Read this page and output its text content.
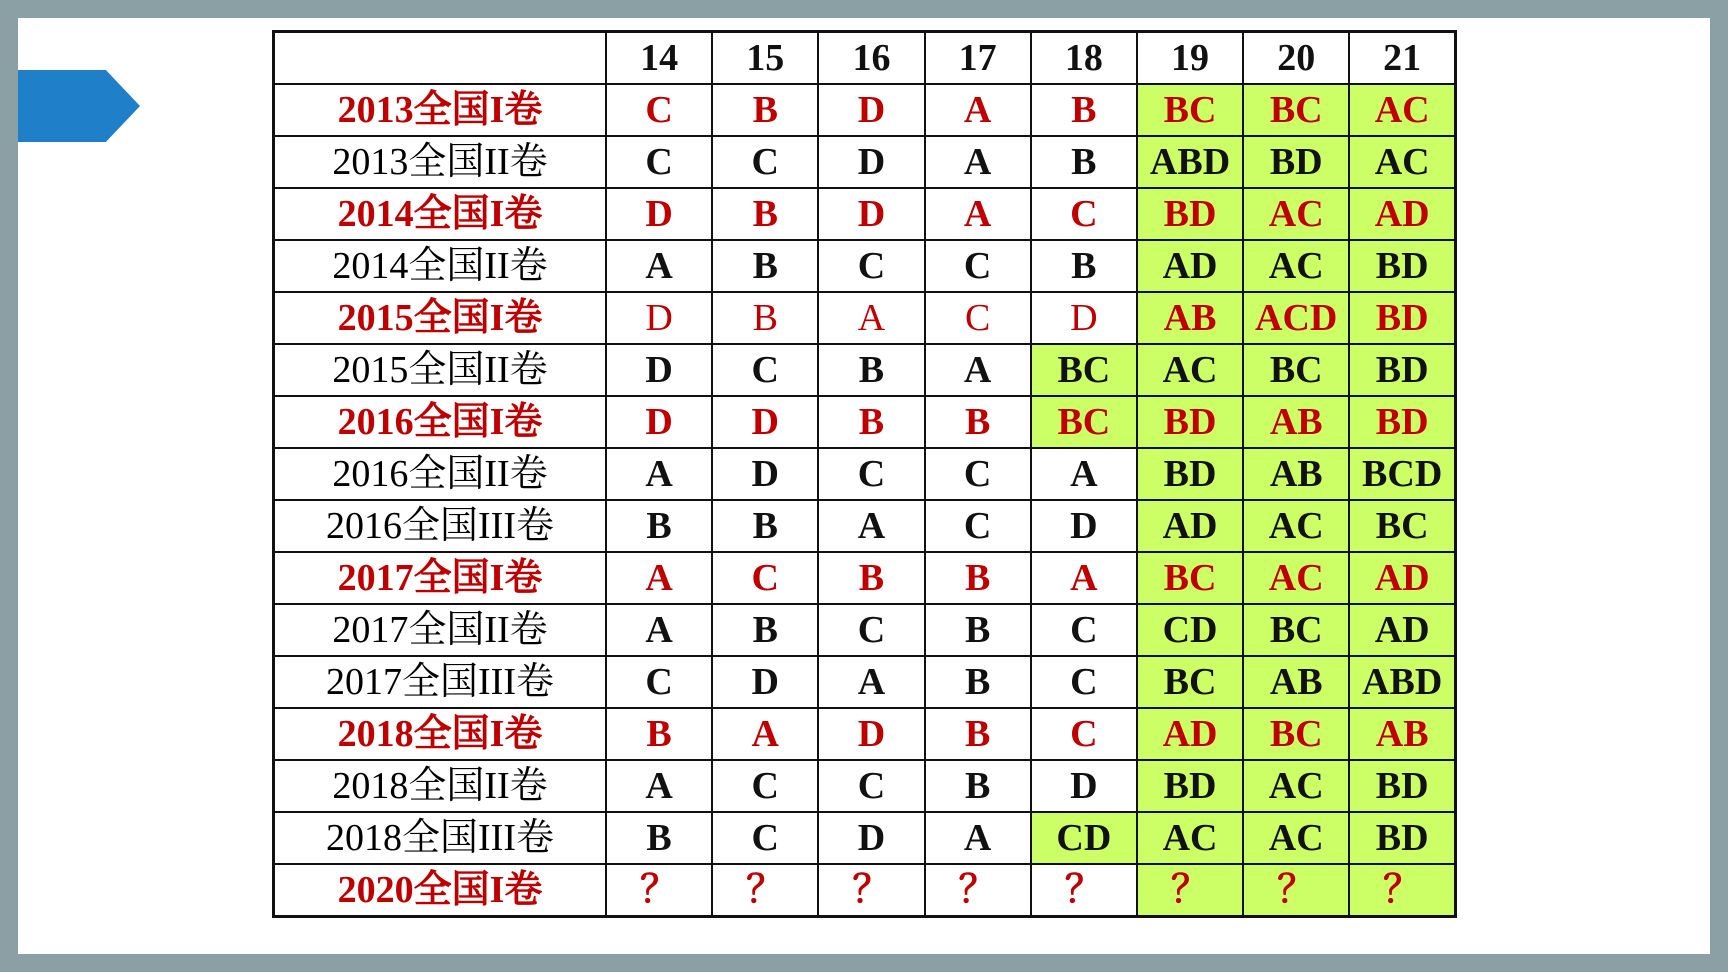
	14	15	16	17	18	19	20	21
2013全国I卷	C	B	D	A	B	BC	BC	AC
2013全国II卷	C	C	D	A	B	ABD	BD	AC
2014全国I卷	D	B	D	A	C	BD	AC	AD
2014全国II卷	A	B	C	C	B	AD	AC	BD
2015全国I卷	D	B	A	C	D	AB	ACD	BD
2015全国II卷	D	C	B	A	BC	AC	BC	BD
2016全国I卷	D	D	B	B	BC	BD	AB	BD
2016全国II卷	A	D	C	C	A	BD	AB	BCD
2016全国III卷	B	B	A	C	D	AD	AC	BC
2017全国I卷	A	C	B	B	A	BC	AC	AD
2017全国II卷	A	B	C	B	C	CD	BC	AD
2017全国III卷	C	D	A	B	C	BC	AB	ABD
2018全国I卷	B	A	D	B	C	AD	BC	AB
2018全国II卷	A	C	C	B	D	BD	AC	BD
2018全国III卷	B	C	D	A	CD	AC	AC	BD
2020全国I卷	？	？	？	？	？	？	？	？
